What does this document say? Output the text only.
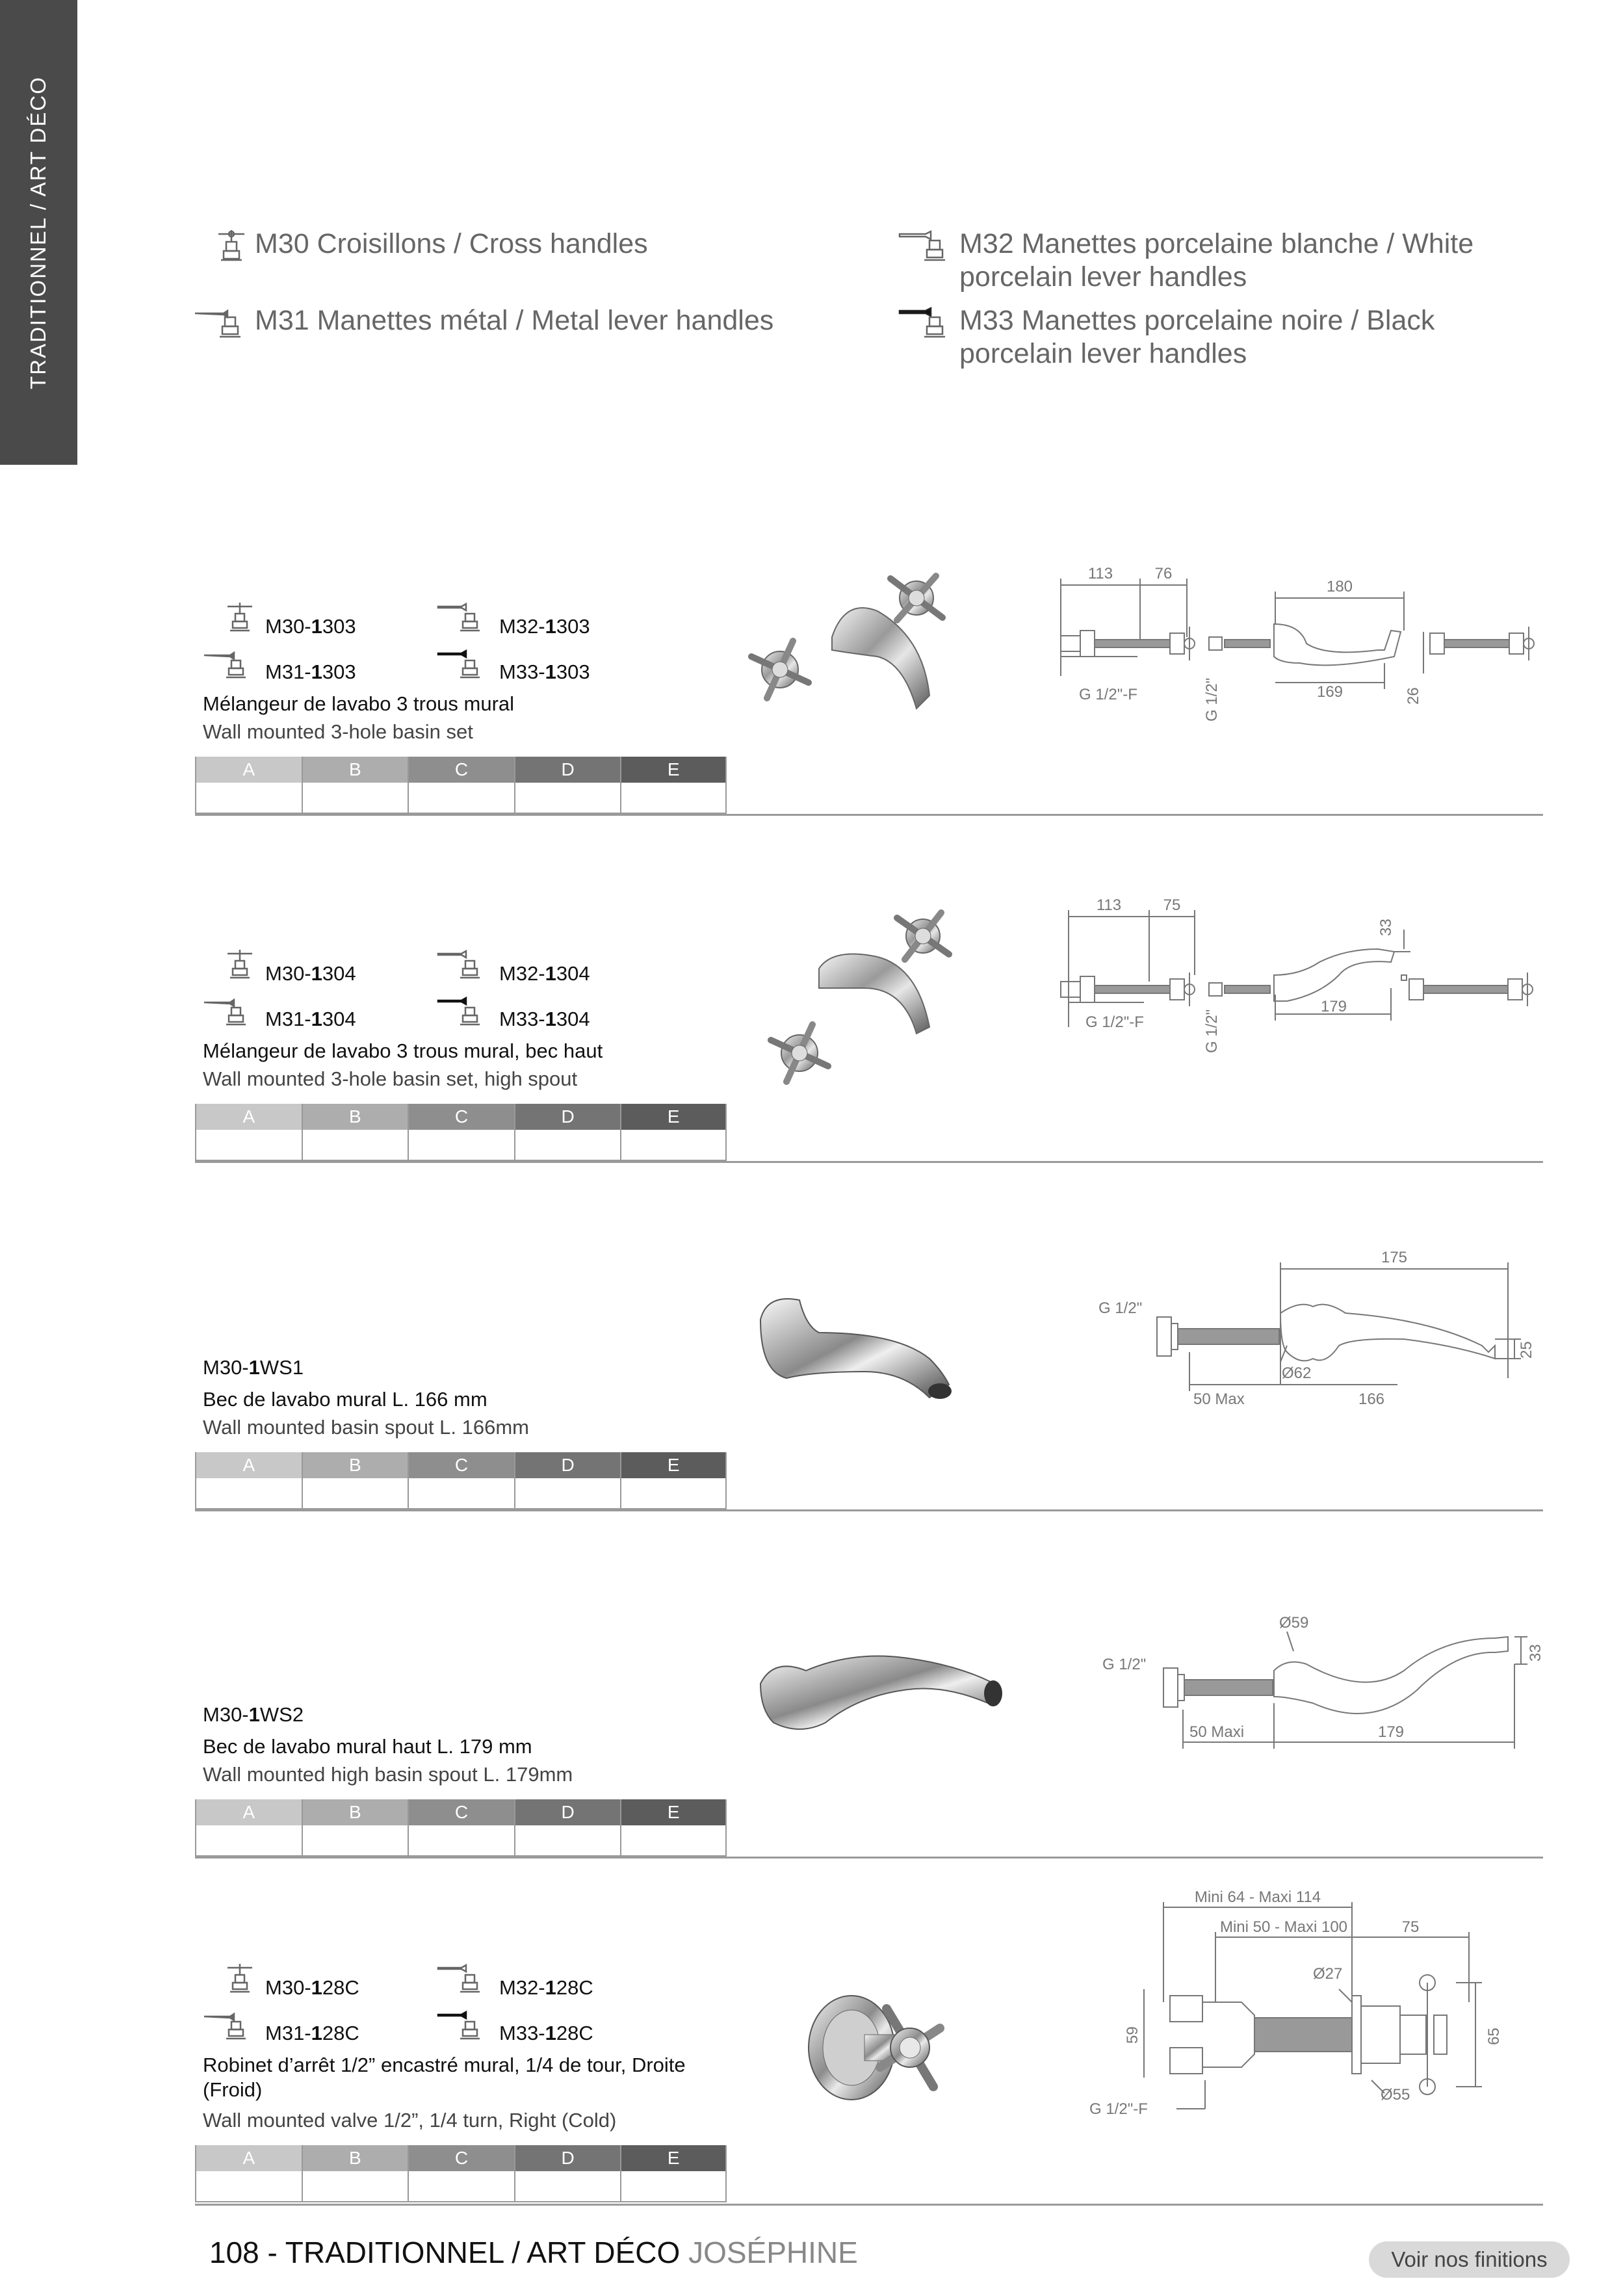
TRADITIONNEL / ART DÉCO	M30 Croisillons / Cross handles
M31 Manettes métal / Metal lever handles
M32 Manettes porcelaine blanche / White porcelain lever handles
M33 Manettes porcelaine noire / Black porcelain lever handles
M30-1303	M32-1303
M31-1303	M33-1303
Mélangeur de lavabo 3 trous mural
Wall mounted 3-hole basin set
A	B	C	D	E
113	76
180
169	26
G 1/2"-F	G 1/2"
M30-1304	M32-1304
M31-1304	M33-1304
Mélangeur de lavabo 3 trous mural, bec haut
Wall mounted 3-hole basin set, high spout
A	B	C	D	E
113	75
33
179
G 1/2"-F	G 1/2"
M30-1WS1
Bec de lavabo mural L. 166 mm
Wall mounted basin spout L. 166mm
A	B	C	D	E
175
G 1/2"
25
Ø62
50 Max	166
M30-1WS2
Bec de lavabo mural haut L. 179 mm
Wall mounted high basin spout L. 179mm
A	B	C	D	E
Ø59
G 1/2"
33
50 Maxi	179
M30-128C	M32-128C
M31-128C	M33-128C
Robinet d’arrêt 1/2” encastré mural, 1/4 de tour, Droite (Froid)
Wall mounted valve 1/2”, 1/4 turn, Right (Cold)
A	B	C	D	E
Mini 64 - Maxi 114
Mini 50 - Maxi 100	75
Ø27
59	65
Ø55
G 1/2"-F
108 - TRADITIONNEL / ART DÉCO JOSÉPHINE	Voir nos finitions
